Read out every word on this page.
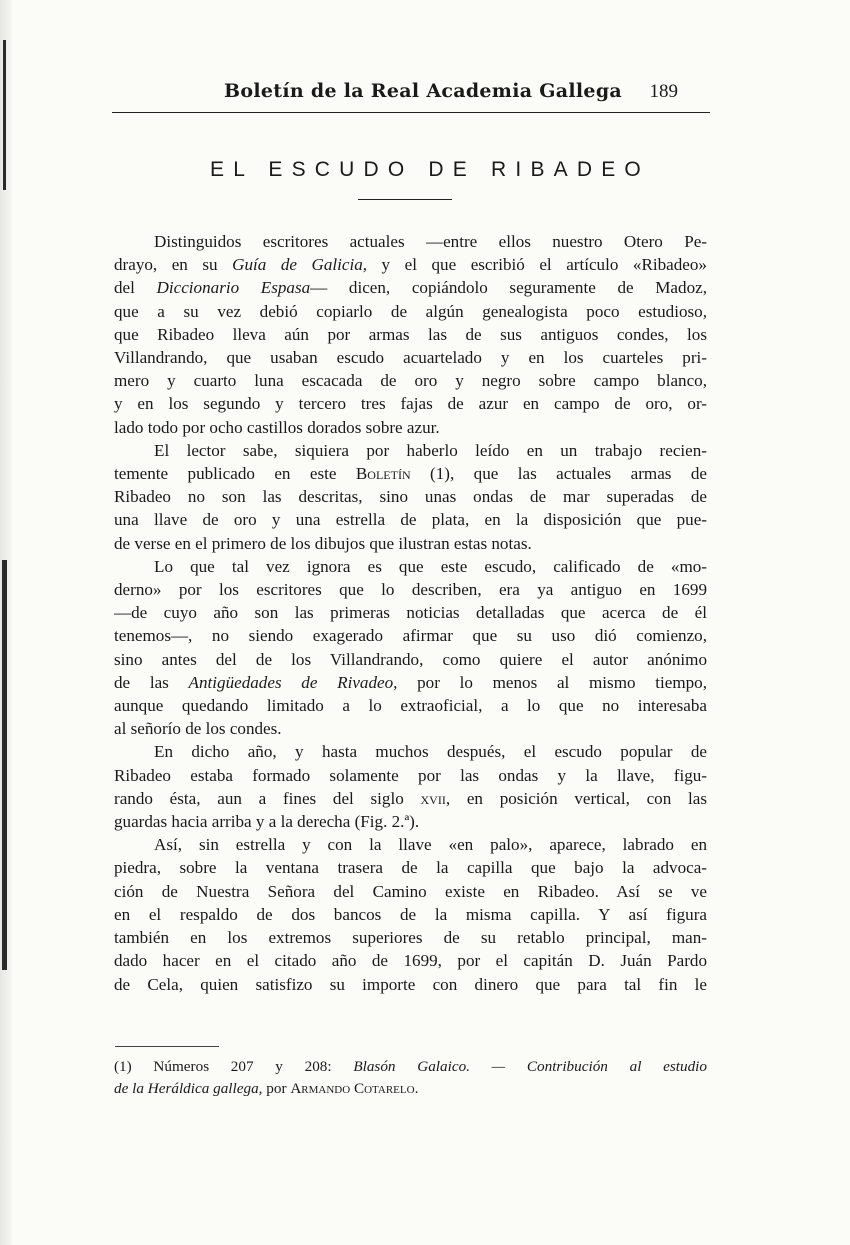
Boletín de la Real Academia Gallega 189
EL ESCUDO DE RIBADEO
Distinguidos escritores actuales —entre ellos nuestro Otero Pe-
drayo, en su Guía de Galicia, y el que escribió el artículo «Ribadeo»
del Diccionario Espasa— dicen, copiándolo seguramente de Madoz,
que a su vez debió copiarlo de algún genealogista poco estudioso,
que Ribadeo lleva aún por armas las de sus antiguos condes, los
Villandrando, que usaban escudo acuartelado y en los cuarteles pri-
mero y cuarto luna escacada de oro y negro sobre campo blanco,
y en los segundo y tercero tres fajas de azur en campo de oro, or-
lado todo por ocho castillos dorados sobre azur.
El lector sabe, siquiera por haberlo leído en un trabajo recien-
temente publicado en este Boletín (1), que las actuales armas de
Ribadeo no son las descritas, sino unas ondas de mar superadas de
una llave de oro y una estrella de plata, en la disposición que pue-
de verse en el primero de los dibujos que ilustran estas notas.
Lo que tal vez ignora es que este escudo, calificado de «mo-
derno» por los escritores que lo describen, era ya antiguo en 1699
—de cuyo año son las primeras noticias detalladas que acerca de él
tenemos—, no siendo exagerado afirmar que su uso dió comienzo,
sino antes del de los Villandrando, como quiere el autor anónimo
de las Antigüedades de Rivadeo, por lo menos al mismo tiempo,
aunque quedando limitado a lo extraoficial, a lo que no interesaba
al señorío de los condes.
En dicho año, y hasta muchos después, el escudo popular de
Ribadeo estaba formado solamente por las ondas y la llave, figu-
rando ésta, aun a fines del siglo xvii, en posición vertical, con las
guardas hacia arriba y a la derecha (Fig. 2.ª).
Así, sin estrella y con la llave «en palo», aparece, labrado en
piedra, sobre la ventana trasera de la capilla que bajo la advoca-
ción de Nuestra Señora del Camino existe en Ribadeo. Así se ve
en el respaldo de dos bancos de la misma capilla. Y así figura
también en los extremos superiores de su retablo principal, man-
dado hacer en el citado año de 1699, por el capitán D. Juán Pardo
de Cela, quien satisfizo su importe con dinero que para tal fin le
(1) Números 207 y 208: Blasón Galaico. — Contribución al estudio
de la Heráldica gallega, por Armando Cotarelo.
